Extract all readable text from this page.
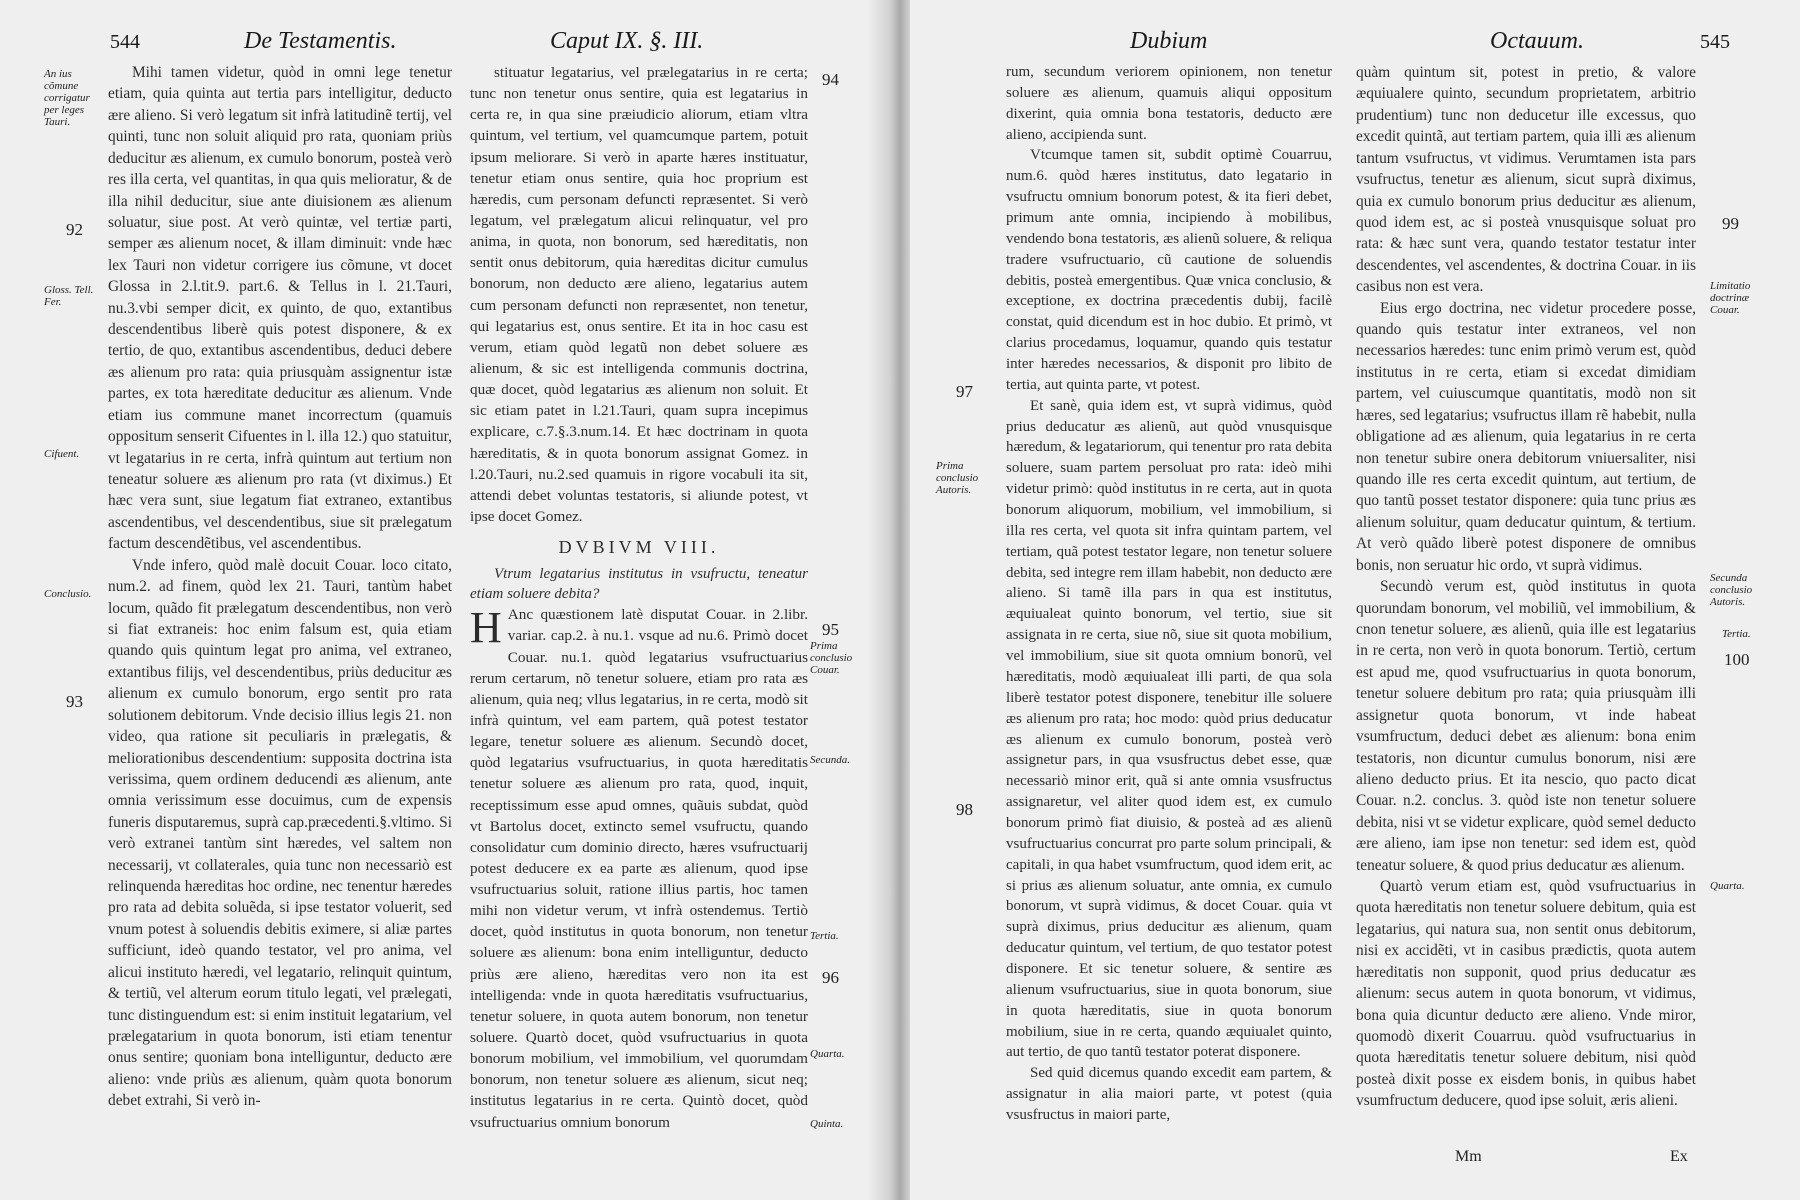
544	De Testamentis.	Caput IX. §. III.
An ius cõmune corrigatur per leges Tauri.
92
Gloss. Tell. Fer.
Cifuent.
Conclusio.
93
94
95
Prima conclusio Couar.
Secunda.
Tertia.
96
Quarta.
Quinta.

Mihi tamen videtur, quòd in omni lege tenetur etiam, quia quinta aut tertia pars intelligitur, deducto ære alieno. Si verò legatum sit infrà latitudinẽ tertij, vel quinti, tunc non soluit aliquid pro rata, quoniam priùs deducitur æs alienum, ex cumulo bonorum, posteà verò res illa certa, vel quantitas, in qua quis melioratur, & de illa nihil deducitur, siue ante diuisionem æs alienum soluatur, siue post. At verò quintæ, vel tertiæ parti, semper æs alienum nocet, & illam diminuit: vnde hæc lex Tauri non videtur corrigere ius cõmune, vt docet Glossa in 2.l.tit.9. part.6. & Tellus in l. 21.Tauri, nu.3.vbi semper dicit, ex quinto, de quo, extantibus descendentibus liberè quis potest disponere, & ex tertio, de quo, extantibus ascendentibus, deduci debere æs alienum pro rata: quia priusquàm assignentur istæ partes, ex tota hæreditate deducitur æs alienum. Vnde etiam ius commune manet incorrectum (quamuis oppositum senserit Cifuentes in l. illa 12.) quo statuitur, vt legatarius in re certa, infrà quintum aut tertium non teneatur soluere æs alienum pro rata (vt diximus.) Et hæc vera sunt, siue legatum fiat extraneo, extantibus ascendentibus, vel descendentibus, siue sit prælegatum factum descendẽtibus, vel ascendentibus.

Vnde infero, quòd malè docuit Couar. loco citato, num.2. ad finem, quòd lex 21. Tauri, tantùm habet locum, quãdo fit prælegatum descendentibus, non verò si fiat extraneis: hoc enim falsum est, quia etiam quando quis quintum legat pro anima, vel extraneo, extantibus filijs, vel descendentibus, priùs deducitur æs alienum ex cumulo bonorum, ergo sentit pro rata solutionem debitorum. Vnde decisio illius legis 21. non video, qua ratione sit peculiaris in prælegatis, & meliorationibus descendentium: supposita doctrina ista verissima, quem ordinem deducendi æs alienum, ante omnia verissimum esse docuimus, cum de expensis funeris disputaremus, suprà cap.præcedenti.§.vltimo. Si verò extranei tantùm sint hæredes, vel saltem non necessarij, vt collaterales, quia tunc non necessariò est relinquenda hæreditas hoc ordine, nec tenentur hæredes pro rata ad debita soluẽda, si ipse testator voluerit, sed vnum potest à soluendis debitis eximere, si aliæ partes sufficiunt, ideò quando testator, vel pro anima, vel alicui instituto hæredi, vel legatario, relinquit quintum, & tertiũ, vel alterum eorum titulo legati, vel prælegati, tunc distinguendum est: si enim instituit legatarium, vel prælegatarium in quota bonorum, isti etiam tenentur onus sentire; quoniam bona intelliguntur, deducto ære alieno: vnde priùs æs alienum, quàm quota bonorum debet extrahi, Si verò in-

stituatur legatarius, vel prælegatarius in re certa; tunc non tenetur onus sentire, quia est legatarius in certa re, in qua sine præiudicio aliorum, etiam vltra quintum, vel tertium, vel quamcumque partem, potuit ipsum meliorare. Si verò in aparte hæres instituatur, tenetur etiam onus sentire, quia hoc proprium est hæredis, cum personam defuncti repræsentet. Si verò legatum, vel prælegatum alicui relinquatur, vel pro anima, in quota, non bonorum, sed hæreditatis, non sentit onus debitorum, quia hæreditas dicitur cumulus bonorum, non deducto ære alieno, legatarius autem cum personam defuncti non repræsentet, non tenetur, qui legatarius est, onus sentire. Et ita in hoc casu est verum, etiam quòd legatũ non debet soluere æs alienum, & sic est intelligenda communis doctrina, quæ docet, quòd legatarius æs alienum non soluit. Et sic etiam patet in l.21.Tauri, quam supra incepimus explicare, c.7.§.3.num.14. Et hæc doctrinam in quota hæreditatis, & in quota bonorum assignat Gomez. in l.20.Tauri, nu.2.sed quamuis in rigore vocabuli ita sit, attendi debet voluntas testatoris, si aliunde potest, vt ipse docet Gomez.

DVBIVM VIII.

Vtrum legatarius institutus in vsufructu, teneatur etiam soluere debita?

H Anc quæstionem latè disputat Couar. in 2.libr. variar. cap.2. à nu.1. vsque ad nu.6. Primò docet Couar. nu.1. quòd legatarius vsufructuarius rerum certarum, nõ tenetur soluere, etiam pro rata æs alienum, quia neq; vllus legatarius, in re certa, modò sit infrà quintum, vel eam partem, quã potest testator legare, tenetur soluere æs alienum. Secundò docet, quòd legatarius vsufructuarius, in quota hæreditatis tenetur soluere æs alienum pro rata, quod, inquit, receptissimum esse apud omnes, quãuis subdat, quòd vt Bartolus docet, extincto semel vsufructu, quando consolidatur cum dominio directo, hæres vsufructuarij potest deducere ex ea parte æs alienum, quod ipse vsufructuarius soluit, ratione illius partis, hoc tamen mihi non videtur verum, vt infrà ostendemus. Tertiò docet, quòd institutus in quota bonorum, non tenetur soluere æs alienum: bona enim intelliguntur, deducto priùs ære alieno, hæreditas vero non ita est intelligenda: vnde in quota hæreditatis vsufructuarius, tenetur soluere, in quota autem bonorum, non tenetur soluere. Quartò docet, quòd vsufructuarius in quota bonorum mobilium, vel immobilium, vel quorumdam bonorum, non tenetur soluere æs alienum, sicut neq; institutus legatarius in re certa. Quintò docet, quòd vsufructuarius omnium bonorum

Dubium	Octauum.	545
97
Prima conclusio Autoris.
98
99
Limitatio doctrinæ Couar.
Secunda conclusio Autoris.
Tertia.
100
Quarta.

rum, secundum veriorem opinionem, non tenetur soluere æs alienum, quamuis aliqui oppositum dixerint, quia omnia bona testatoris, deducto ære alieno, accipienda sunt.

Vtcumque tamen sit, subdit optimè Couarruu, num.6. quòd hæres institutus, dato legatario in vsufructu omnium bonorum potest, & ita fieri debet, primum ante omnia, incipiendo à mobilibus, vendendo bona testatoris, æs alienũ soluere, & reliqua tradere vsufructuario, cũ cautione de soluendis debitis, posteà emergentibus. Quæ vnica conclusio, & exceptione, ex doctrina præcedentis dubij, facilè constat, quid dicendum est in hoc dubio. Et primò, vt clarius procedamus, loquamur, quando quis testatur inter hæredes necessarios, & disponit pro libito de tertia, aut quinta parte, vt potest.

Et sanè, quia idem est, vt suprà vidimus, quòd prius deducatur æs alienũ, aut quòd vnusquisque hæredum, & legatariorum, qui tenentur pro rata debita soluere, suam partem persoluat pro rata: ideò mihi videtur primò: quòd institutus in re certa, aut in quota bonorum aliquorum, mobilium, vel immobilium, si illa res certa, vel quota sit infra quintam partem, vel tertiam, quã potest testator legare, non tenetur soluere debita, sed integre rem illam habebit, non deducto ære alieno. Si tamẽ illa pars in qua est institutus, æquiualeat quinto bonorum, vel tertio, siue sit assignata in re certa, siue nõ, siue sit quota mobilium, vel immobilium, siue sit quota omnium bonorũ, vel hæreditatis, modò æquiualeat illi parti, de qua sola liberè testator potest disponere, tenebitur ille soluere æs alienum pro rata; hoc modo: quòd prius deducatur æs alienum ex cumulo bonorum, posteà verò assignetur pars, in qua vsusfructus debet esse, quæ necessariò minor erit, quã si ante omnia vsusfructus assignaretur, vel aliter quod idem est, ex cumulo bonorum primò fiat diuisio, & posteà ad æs alienũ vsufructuarius concurrat pro parte solum principali, & capitali, in qua habet vsumfructum, quod idem erit, ac si prius æs alienum soluatur, ante omnia, ex cumulo bonorum, vt suprà vidimus, & docet Couar. quia vt suprà diximus, prius deducitur æs alienum, quam deducatur quintum, vel tertium, de quo testator potest disponere. Et sic tenetur soluere, & sentire æs alienum vsufructuarius, siue in quota bonorum, siue in quota hæreditatis, siue in quota bonorum mobilium, siue in re certa, quando æquiualet quinto, aut tertio, de quo tantũ testator poterat disponere.

Sed quid dicemus quando excedit eam partem, & assignatur in alia maiori parte, vt potest (quia vsusfructus in maiori parte,

quàm quintum sit, potest in pretio, & valore æquiualere quinto, secundum proprietatem, arbitrio prudentium) tunc non deducetur ille excessus, quo excedit quintã, aut tertiam partem, quia illi æs alienum tantum vsufructus, vt vidimus. Verumtamen ista pars vsufructus, tenetur æs alienum, sicut suprà diximus, quia ex cumulo bonorum prius deducitur æs alienum, quod idem est, ac si posteà vnusquisque soluat pro rata: & hæc sunt vera, quando testator testatur inter descendentes, vel ascendentes, & doctrina Couar. in iis casibus non est vera.

Eius ergo doctrina, nec videtur procedere posse, quando quis testatur inter extraneos, vel non necessarios hæredes: tunc enim primò verum est, quòd institutus in re certa, etiam si excedat dimidiam partem, vel cuiuscumque quantitatis, modò non sit hæres, sed legatarius; vsufructus illam rẽ habebit, nulla obligatione ad æs alienum, quia legatarius in re certa non tenetur subire onera debitorum vniuersaliter, nisi quando ille res certa excedit quintum, aut tertium, de quo tantũ posset testator disponere: quia tunc prius æs alienum soluitur, quam deducatur quintum, & tertium. At verò quãdo liberè potest disponere de omnibus bonis, non seruatur hic ordo, vt suprà vidimus.

Secundò verum est, quòd institutus in quota quorundam bonorum, vel mobiliũ, vel immobilium, & cnon tenetur soluere, æs alienũ, quia ille est legatarius in re certa, non verò in quota bonorum. Tertiò, certum est apud me, quod vsufructuarius in quota bonorum, tenetur soluere debitum pro rata; quia priusquàm illi assignetur quota bonorum, vt inde habeat vsumfructum, deduci debet æs alienum: bona enim testatoris, non dicuntur cumulus bonorum, nisi ære alieno deducto prius. Et ita nescio, quo pacto dicat Couar. n.2. conclus. 3. quòd iste non tenetur soluere debita, nisi vt se videtur explicare, quòd semel deducto ære alieno, iam ipse non tenetur: sed idem est, quòd teneatur soluere, & quod prius deducatur æs alienum.

Quartò verum etiam est, quòd vsufructuarius in quota hæreditatis non tenetur soluere debitum, quia est legatarius, qui natura sua, non sentit onus debitorum, nisi ex accidẽti, vt in casibus prædictis, quota autem hæreditatis non supponit, quod prius deducatur æs alienum: secus autem in quota bonorum, vt vidimus, bona quia dicuntur deducto ære alieno. Vnde miror, quomodò dixerit Couarruu. quòd vsufructuarius in quota hæreditatis tenetur soluere debitum, nisi quòd posteà dixit posse ex eisdem bonis, in quibus habet vsumfructum deducere, quod ipse soluit, æris alieni.

Mm	Ex
